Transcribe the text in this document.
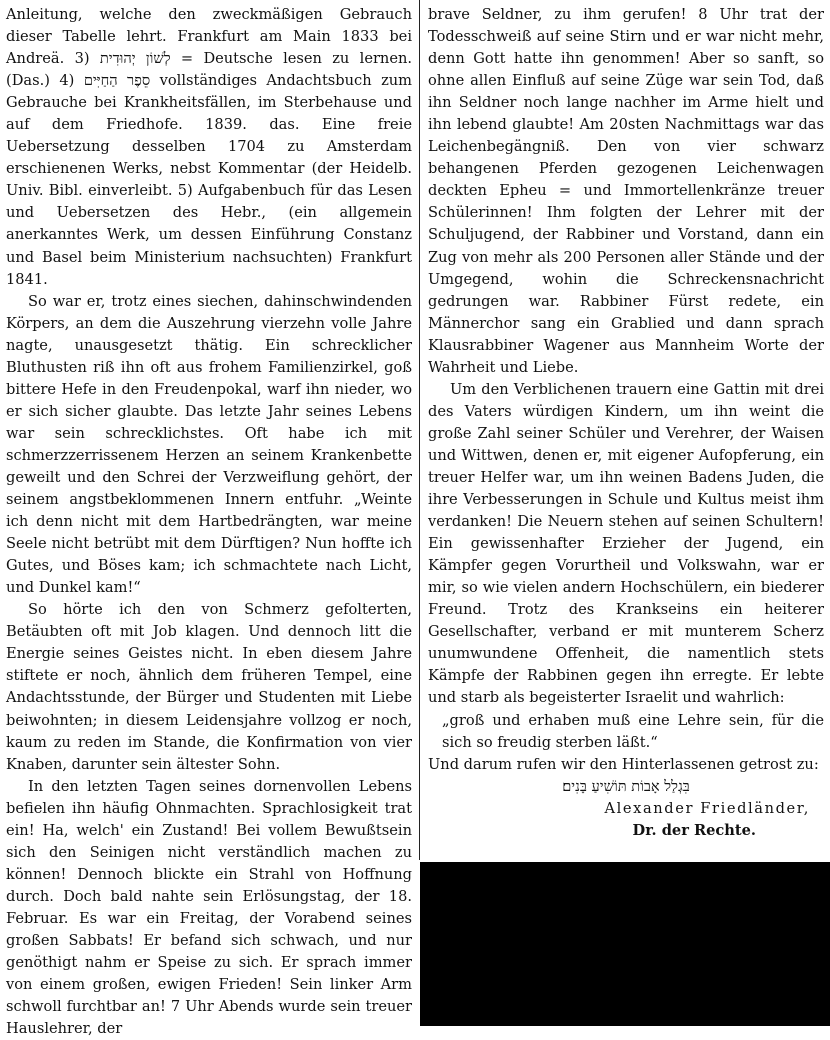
Anleitung, welche den zweckmäßigen Gebrauch dieser Tabelle lehrt. Frankfurt am Main 1833 bei Andreä. 3) לְשׁוֹן יְהוּדִית = Deutsche lesen zu lernen. (Das.) 4) סֵפֶר הַחַיִּים vollständiges Andachtsbuch zum Gebrauche bei Krankheitsfällen, im Sterbehause und auf dem Friedhofe. 1839. das. Eine freie Uebersetzung desselben 1704 zu Amsterdam erschienenen Werks, nebst Kommentar (der Heidelb. Univ. Bibl. einverleibt. 5) Aufgabenbuch für das Lesen und Uebersetzen des Hebr., (ein allgemein anerkanntes Werk, um dessen Einführung Constanz und Basel beim Ministerium nachsuchten) Frankfurt 1841.

So war er, trotz eines siechen, dahinschwindenden Körpers, an dem die Auszehrung vierzehn volle Jahre nagte, unausgesetzt thätig. Ein schrecklicher Bluthusten riß ihn oft aus frohem Familienzirkel, goß bittere Hefe in den Freudenpokal, warf ihn nieder, wo er sich sicher glaubte. Das letzte Jahr seines Lebens war sein schrecklichstes. Oft habe ich mit schmerzzerrissenem Herzen an seinem Krankenbette geweilt und den Schrei der Verzweiflung gehört, der seinem angstbeklommenen Innern entfuhr. „Weinte ich denn nicht mit dem Hartbedrängten, war meine Seele nicht betrübt mit dem Dürftigen? Nun hoffte ich Gutes, und Böses kam; ich schmachtete nach Licht, und Dunkel kam!“

So hörte ich den von Schmerz gefolterten, Betäubten oft mit Job klagen. Und dennoch litt die Energie seines Geistes nicht. In eben diesem Jahre stiftete er noch, ähnlich dem früheren Tempel, eine Andachtsstunde, der Bürger und Studenten mit Liebe beiwohnten; in diesem Leidensjahre vollzog er noch, kaum zu reden im Stande, die Konfirmation von vier Knaben, darunter sein ältester Sohn.

In den letzten Tagen seines dornenvollen Lebens befielen ihn häufig Ohnmachten. Sprachlosigkeit trat ein! Ha, welch' ein Zustand! Bei vollem Bewußtsein sich den Seinigen nicht verständlich machen zu können! Dennoch blickte ein Strahl von Hoffnung durch. Doch bald nahte sein Erlösungstag, der 18. Februar. Es war ein Freitag, der Vorabend seines großen Sabbats! Er befand sich schwach, und nur genöthigt nahm er Speise zu sich. Er sprach immer von einem großen, ewigen Frieden! Sein linker Arm schwoll furchtbar an! 7 Uhr Abends wurde sein treuer Hauslehrer, der

brave Seldner, zu ihm gerufen! 8 Uhr trat der Todesschweiß auf seine Stirn und er war nicht mehr, denn Gott hatte ihn genommen! Aber so sanft, so ohne allen Einfluß auf seine Züge war sein Tod, daß ihn Seldner noch lange nachher im Arme hielt und ihn lebend glaubte! Am 20sten Nachmittags war das Leichenbegängniß. Den von vier schwarz behangenen Pferden gezogenen Leichenwagen deckten Epheu = und Immortellenkränze treuer Schülerinnen! Ihm folgten der Lehrer mit der Schuljugend, der Rabbiner und Vorstand, dann ein Zug von mehr als 200 Personen aller Stände und der Umgegend, wohin die Schreckensnachricht gedrungen war. Rabbiner Fürst redete, ein Männerchor sang ein Grablied und dann sprach Klausrabbiner Wagener aus Mannheim Worte der Wahrheit und Liebe.

Um den Verblichenen trauern eine Gattin mit drei des Vaters würdigen Kindern, um ihn weint die große Zahl seiner Schüler und Verehrer, der Waisen und Wittwen, denen er, mit eigener Aufopferung, ein treuer Helfer war, um ihn weinen Badens Juden, die ihre Verbesserungen in Schule und Kultus meist ihm verdanken! Die Neuern stehen auf seinen Schultern! Ein gewissenhafter Erzieher der Jugend, ein Kämpfer gegen Vorurtheil und Volkswahn, war er mir, so wie vielen andern Hochschülern, ein biederer Freund. Trotz des Krankseins ein heiterer Gesellschafter, verband er mit munterem Scherz unumwundene Offenheit, die namentlich stets Kämpfe der Rabbinen gegen ihn erregte. Er lebte und starb als begeisterter Israelit und wahrlich:

„groß und erhaben muß eine Lehre sein, für die sich so freudig sterben läßt.“

Und darum rufen wir den Hinterlassenen getrost zu:

בִּגְלַל אָבוֹת תּוֹשִׁיעַ בָּנִים׃

Alexander Friedländer,

Dr. der Rechte.
